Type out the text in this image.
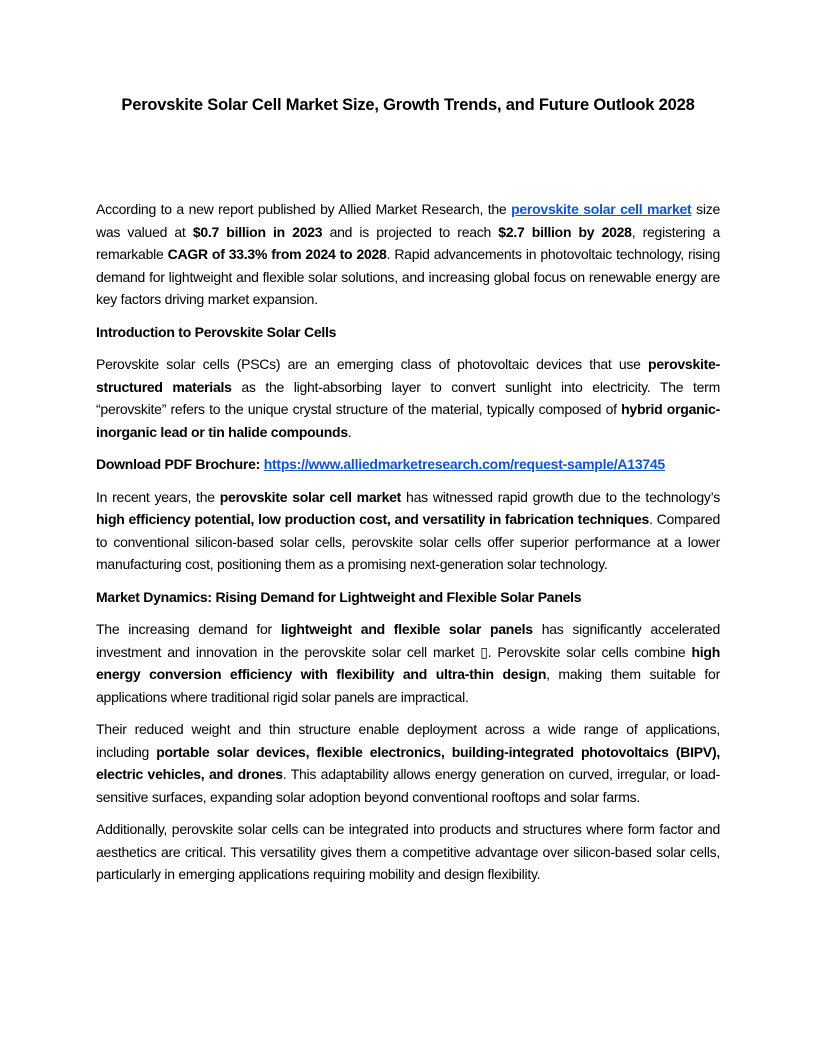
Perovskite Solar Cell Market Size, Growth Trends, and Future Outlook 2028

According to a new report published by Allied Market Research, the perovskite solar cell market size was valued at $0.7 billion in 2023 and is projected to reach $2.7 billion by 2028, registering a remarkable CAGR of 33.3% from 2024 to 2028. Rapid advancements in photovoltaic technology, rising demand for lightweight and flexible solar solutions, and increasing global focus on renewable energy are key factors driving market expansion.

Introduction to Perovskite Solar Cells

Perovskite solar cells (PSCs) are an emerging class of photovoltaic devices that use perovskite-structured materials as the light-absorbing layer to convert sunlight into electricity. The term “perovskite” refers to the unique crystal structure of the material, typically composed of hybrid organic-inorganic lead or tin halide compounds.

Download PDF Brochure: https://www.alliedmarketresearch.com/request-sample/A13745

In recent years, the perovskite solar cell market has witnessed rapid growth due to the technology’s high efficiency potential, low production cost, and versatility in fabrication techniques. Compared to conventional silicon-based solar cells, perovskite solar cells offer superior performance at a lower manufacturing cost, positioning them as a promising next-generation solar technology.

Market Dynamics: Rising Demand for Lightweight and Flexible Solar Panels

The increasing demand for lightweight and flexible solar panels has significantly accelerated investment and innovation in the perovskite solar cell market ▯. Perovskite solar cells combine high energy conversion efficiency with flexibility and ultra-thin design, making them suitable for applications where traditional rigid solar panels are impractical.

Their reduced weight and thin structure enable deployment across a wide range of applications, including portable solar devices, flexible electronics, building-integrated photovoltaics (BIPV), electric vehicles, and drones. This adaptability allows energy generation on curved, irregular, or load-sensitive surfaces, expanding solar adoption beyond conventional rooftops and solar farms.

Additionally, perovskite solar cells can be integrated into products and structures where form factor and aesthetics are critical. This versatility gives them a competitive advantage over silicon-based solar cells, particularly in emerging applications requiring mobility and design flexibility.
